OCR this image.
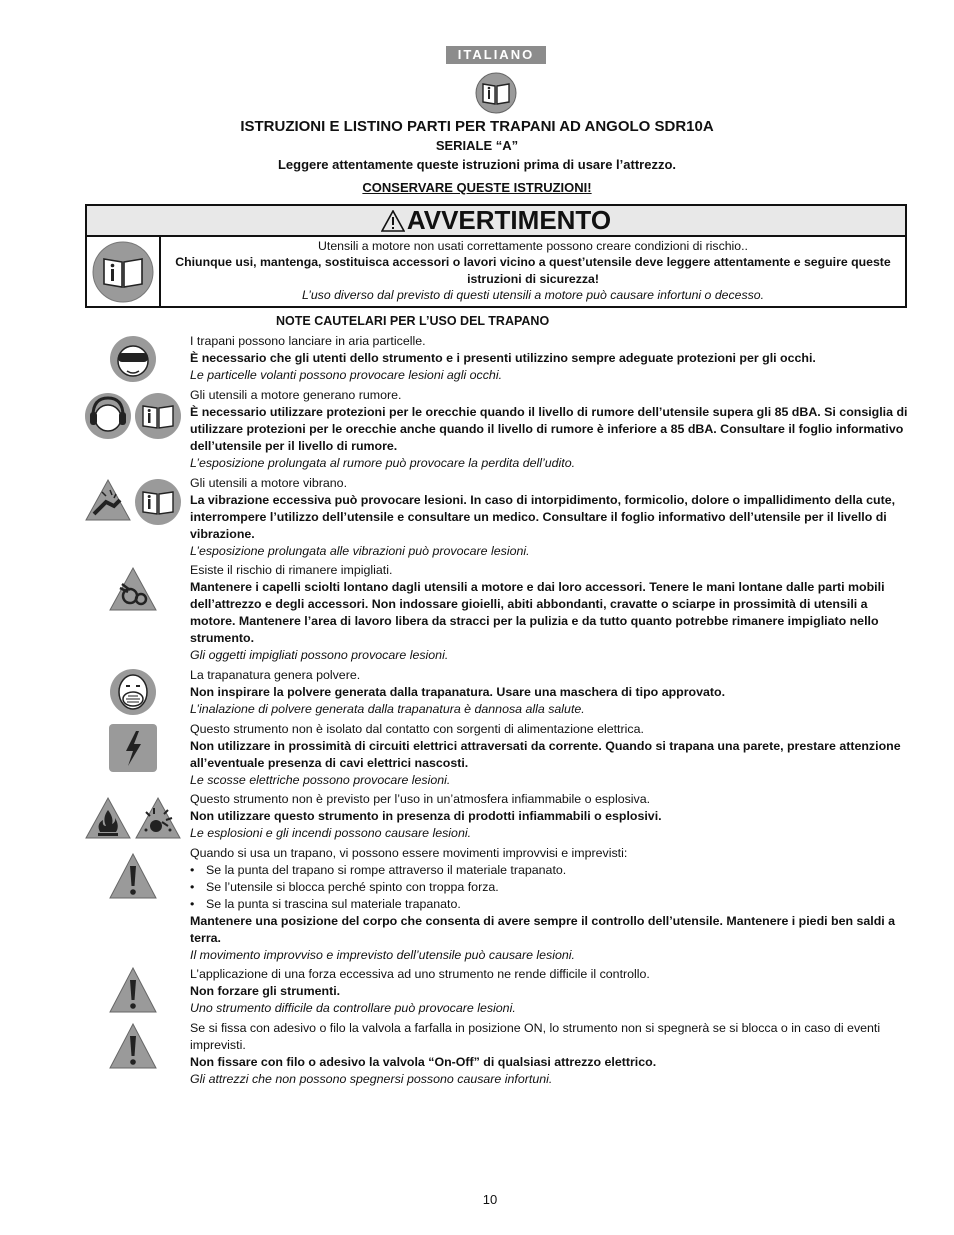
ITALIANO
ISTRUZIONI E LISTINO PARTI PER TRAPANI AD ANGOLO SDR10A
SERIALE “A”
Leggere attentamente queste istruzioni prima di usare l’attrezzo.
CONSERVARE QUESTE ISTRUZIONI!
AVVERTIMENTO
Utensili a motore non usati correttamente possono creare condizioni di rischio..
Chiunque usi, mantenga, sostituisca accessori o lavori vicino a quest’utensile deve leggere attentamente e seguire queste istruzioni di sicurezza!
L’uso diverso dal previsto di questi utensili a motore può causare infortuni o decesso.
NOTE CAUTELARI PER L’USO DEL TRAPANO

I trapani possono lanciare in aria particelle.

È necessario che gli utenti dello strumento e i presenti utilizzino sempre adeguate protezioni per gli occhi.

Le particelle volanti possono provocare lesioni agli occhi.

Gli utensili a motore generano rumore.

È necessario utilizzare protezioni per le orecchie quando il livello di rumore dell’utensile supera gli 85 dBA. Si consiglia di utilizzare protezioni per le orecchie anche quando il livello di rumore è inferiore a 85 dBA. Consultare il foglio informativo dell’utensile per il livello di rumore.

L’esposizione prolungata al rumore può provocare la perdita dell’udito.

Gli utensili a motore vibrano.

La vibrazione eccessiva può provocare lesioni. In caso di intorpidimento, formicolio, dolore o impallidimento della cute, interrompere l’utilizzo dell’utensile e consultare un medico. Consultare il foglio informativo dell’utensile per il livello di vibrazione.

L’esposizione prolungata alle vibrazioni può provocare lesioni.

Esiste il rischio di rimanere impigliati.

Mantenere i capelli sciolti lontano dagli utensili a motore e dai loro accessori. Tenere le mani lontane dalle parti mobili dell’attrezzo e degli accessori. Non indossare gioielli, abiti abbondanti, cravatte o sciarpe in prossimità di utensili a motore. Mantenere l’area di lavoro libera da stracci per la pulizia e da tutto quanto potrebbe rimanere impigliato nello strumento.

Gli oggetti impigliati possono provocare lesioni.

La trapanatura genera polvere.

Non inspirare la polvere generata dalla trapanatura. Usare una maschera di tipo approvato.

L’inalazione di polvere generata dalla trapanatura è dannosa alla salute.

Questo strumento non è isolato dal contatto con sorgenti di alimentazione elettrica.

Non utilizzare in prossimità di circuiti elettrici attraversati da corrente. Quando si trapana una parete, prestare attenzione all’eventuale presenza di cavi elettrici nascosti.

Le scosse elettriche possono provocare lesioni.

Questo strumento non è previsto per l’uso in un’atmosfera infiammabile o esplosiva.

Non utilizzare questo strumento in presenza di prodotti infiammabili o esplosivi.

Le esplosioni e gli incendi possono causare lesioni.

Quando si usa un trapano, vi possono essere movimenti improvvisi e imprevisti:

• Se la punta del trapano si rompe attraverso il materiale trapanato.

• Se l’utensile si blocca perché spinto con troppa forza.

• Se la punta si trascina sul materiale trapanato.

Mantenere una posizione del corpo che consenta di avere sempre il controllo dell’utensile. Mantenere i piedi ben saldi a terra.

Il movimento improvviso e imprevisto dell’utensile può causare lesioni.

L’applicazione di una forza eccessiva ad uno strumento ne rende difficile il controllo.

Non forzare gli strumenti.

Uno strumento difficile da controllare può provocare lesioni.

Se si fissa con adesivo o filo la valvola a farfalla in posizione ON, lo strumento non si spegnerà se si blocca o in caso di eventi imprevisti.

Non fissare con filo o adesivo la valvola “On-Off” di qualsiasi attrezzo elettrico.

Gli attrezzi che non possono spegnersi possono causare infortuni.

10
